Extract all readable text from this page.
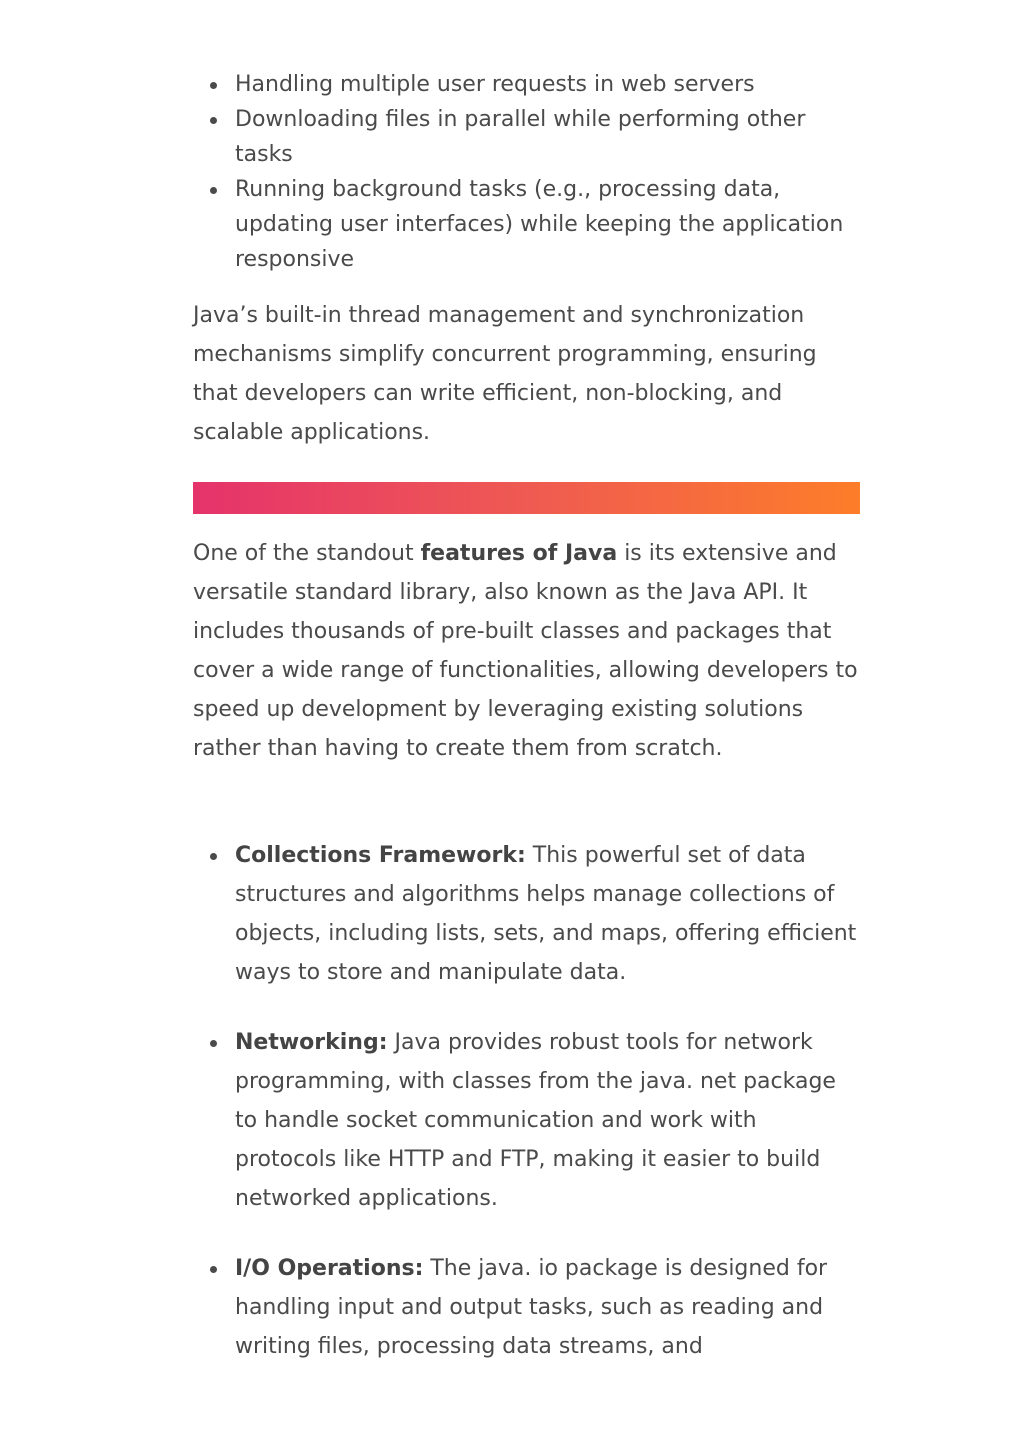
Handling multiple user requests in web servers
Downloading files in parallel while performing other tasks
Running background tasks (e.g., processing data, updating user interfaces) while keeping the application responsive

Java’s built-in thread management and synchronization mechanisms simplify concurrent programming, ensuring that developers can write efficient, non-blocking, and scalable applications.

One of the standout features of Java is its extensive and versatile standard library, also known as the Java API. It includes thousands of pre-built classes and packages that cover a wide range of functionalities, allowing developers to speed up development by leveraging existing solutions rather than having to create them from scratch.

Collections Framework: This powerful set of data structures and algorithms helps manage collections of objects, including lists, sets, and maps, offering efficient ways to store and manipulate data.
Networking: Java provides robust tools for network programming, with classes from the java. net package to handle socket communication and work with protocols like HTTP and FTP, making it easier to build networked applications.
I/O Operations: The java. io package is designed for handling input and output tasks, such as reading and writing files, processing data streams, and
